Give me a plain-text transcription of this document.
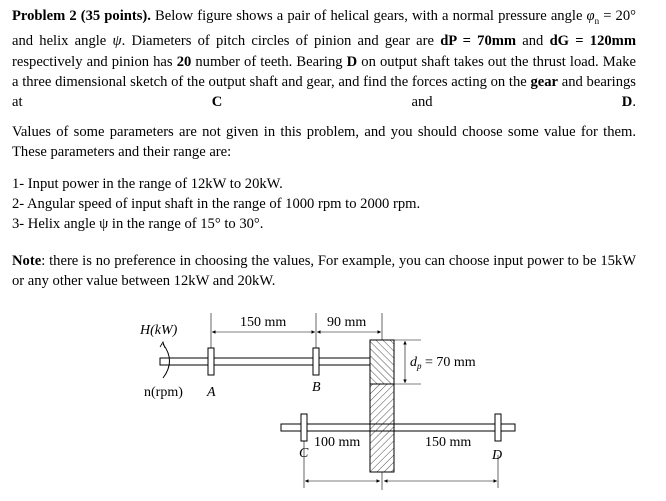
Problem 2 (35 points). Below figure shows a pair of helical gears, with a normal pressure angle $\varphi_n = 20^\circ$ and helix angle ψ. Diameters of pitch circles of pinion and gear are dP = 70mm and dG = 120mm respectively and pinion has 20 number of teeth. Bearing D on output shaft takes out the thrust load. Make a three dimensional sketch of the output shaft and gear, and find the forces acting on the gear and bearings at C and D.
Values of some parameters are not given in this problem, and you should choose some value for them. These parameters and their range are:
1- Input power in the range of 12kW to 20kW.
2- Angular speed of input shaft in the range of 1000 rpm to 2000 rpm.
3- Helix angle ψ in the range of 15° to 30°.
Note: there is no preference in choosing the values, For example, you can choose input power to be 15kW or any other value between 12kW and 20kW.
H(kW)
n(rpm) A	B
C	D
150 mm	90 mm
$d_p = 70$ mm
100 mm	150 mm
